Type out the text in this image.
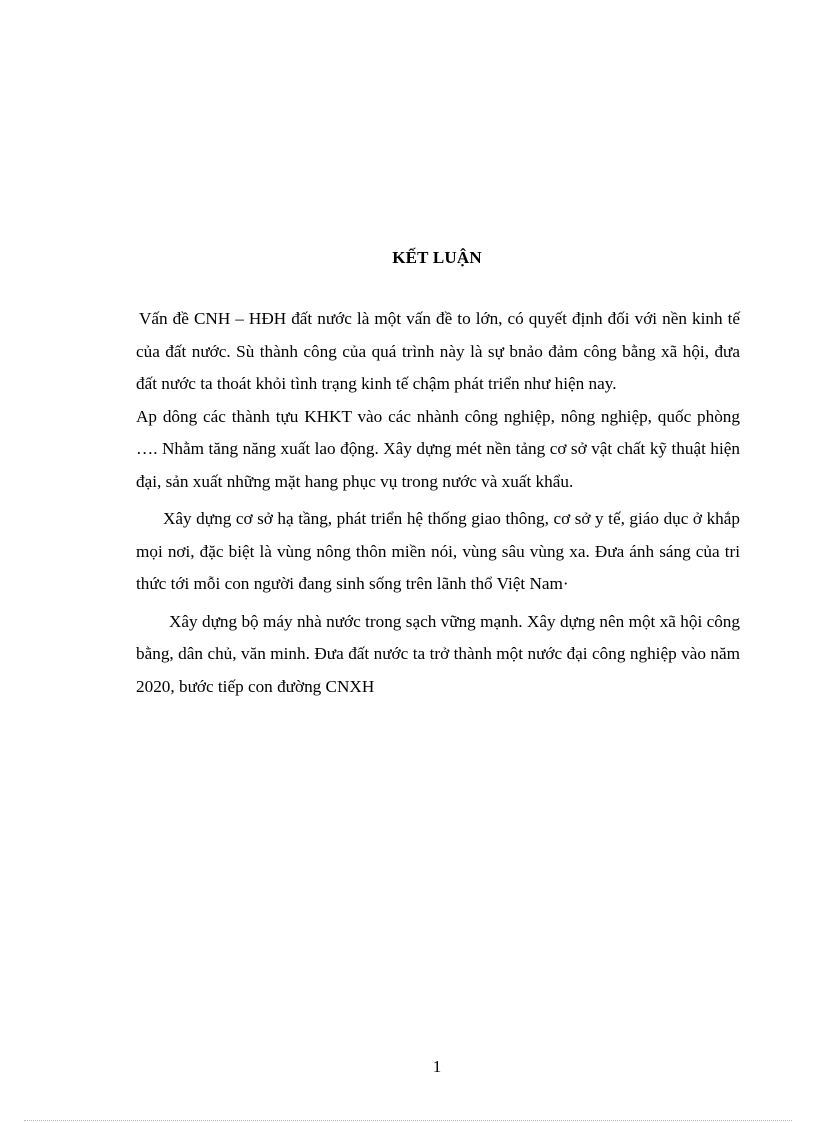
KẾT LUẬN

Vấn đề CNH – HĐH đất nước là một vấn đề to lớn, có quyết định đối với nền kinh tế của đất nước. Sù thành công của quá trình này là sự bnảo đảm công bằng xã hội, đưa đất nước ta thoát khỏi tình trạng kinh tế chậm phát triển như hiện nay.

Ap dông các thành tựu KHKT vào các nhành công nghiệp, nông nghiệp, quốc phòng …. Nhằm tăng năng xuất lao động. Xây dựng mét nền tảng cơ sở vật chất kỹ thuật hiện đại, sản xuất những mặt hang phục vụ trong nước và xuất khẩu.

Xây dựng cơ sở hạ tầng, phát triển hệ thống giao thông, cơ sở y tế, giáo dục ở khắp mọi nơi, đặc biệt là vùng nông thôn miền nói, vùng sâu vùng xa. Đưa ánh sáng của tri thức tới mỗi con người đang sinh sống trên lãnh thổ Việt Nam·

Xây dựng bộ máy nhà nước trong sạch vững mạnh. Xây dựng nên một xã hội công bằng, dân chủ, văn minh. Đưa đất nước ta trở thành một nước đại công nghiệp vào năm 2020, bước tiếp con đường CNXH

1
